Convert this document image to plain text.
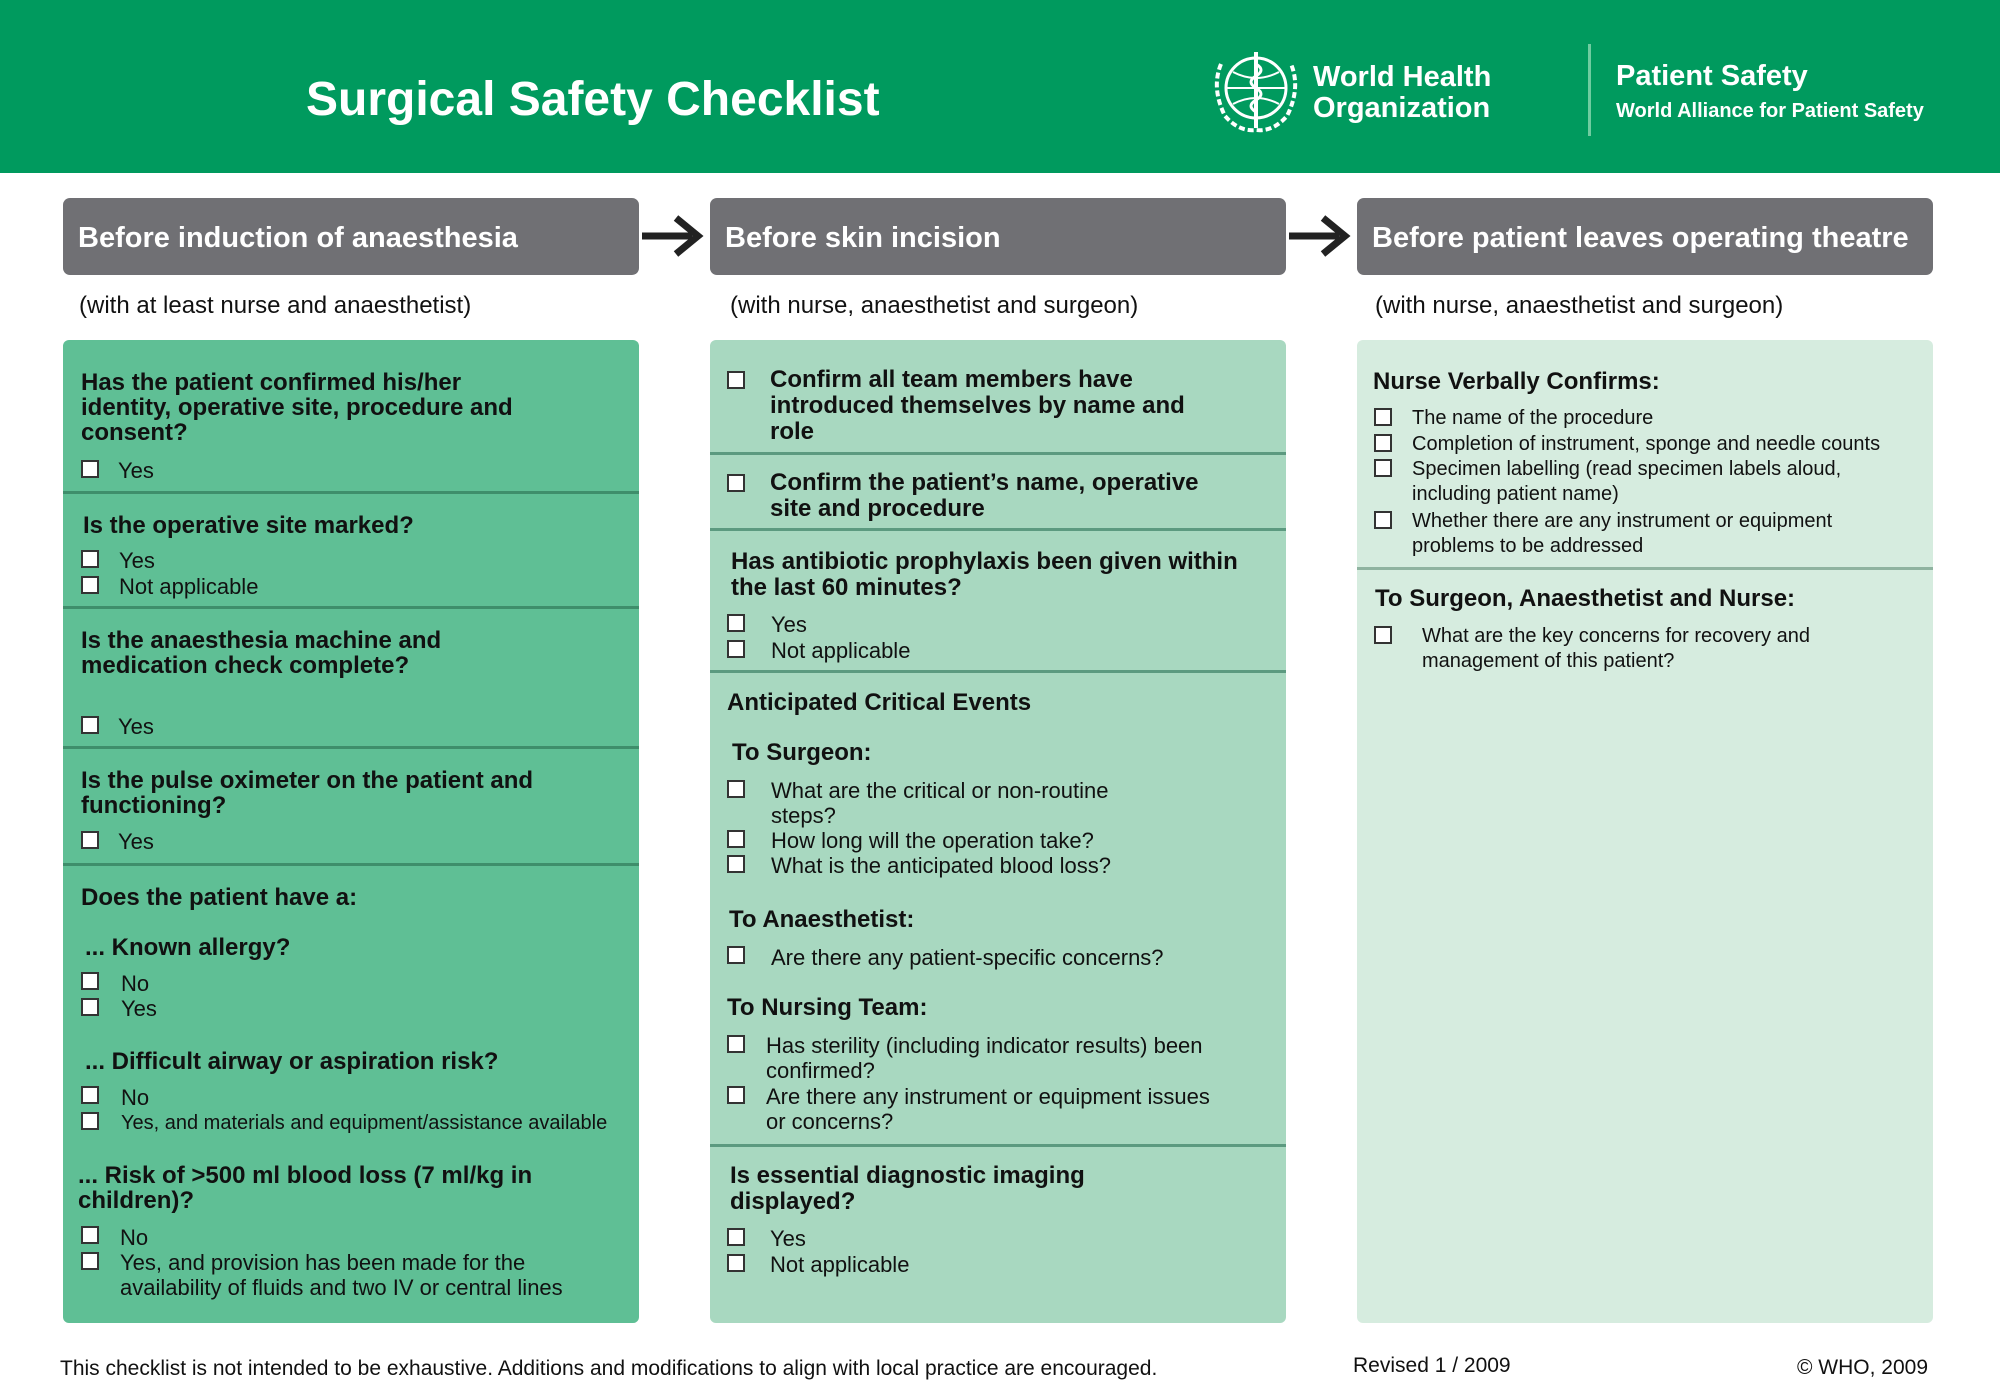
Surgical Safety Checklist	World Health
Organization
Patient Safety
World Alliance for Patient Safety
Before induction of anaesthesia	Before skin incision	Before patient leaves operating theatre
(with at least nurse and anaesthetist)	(with nurse, anaesthetist and surgeon)	(with nurse, anaesthetist and surgeon)
Has the patient confirmed his/her
identity, operative site, procedure and
consent?
Yes
Is the operative site marked?
Yes
Not applicable
Is the anaesthesia machine and
medication check complete?
Yes
Is the pulse oximeter on the patient and
functioning?
Yes
Does the patient have a:
... Known allergy?
No
Yes
... Difficult airway or aspiration risk?
No
Yes, and materials and equipment/assistance available
... Risk of >500 ml blood loss (7 ml/kg in
children)?
No
Yes, and provision has been made for the
availability of fluids and two IV or central lines
Confirm all team members have
introduced themselves by name and
role
Confirm the patient’s name, operative
site and procedure
Has antibiotic prophylaxis been given within
the last 60 minutes?
Yes
Not applicable
Anticipated Critical Events
To Surgeon:
What are the critical or non-routine
steps?
How long will the operation take?
What is the anticipated blood loss?
To Anaesthetist:
Are there any patient-specific concerns?
To Nursing Team:
Has sterility (including indicator results) been
confirmed?
Are there any instrument or equipment issues
or concerns?
Is essential diagnostic imaging
displayed?
Yes
Not applicable
Nurse Verbally Confirms:
The name of the procedure
Completion of instrument, sponge and needle counts
Specimen labelling (read specimen labels aloud,
including patient name)
Whether there are any instrument or equipment
problems to be addressed
To Surgeon, Anaesthetist and Nurse:
What are the key concerns for recovery and
management of this patient?
This checklist is not intended to be exhaustive. Additions and modifications to align with local practice are encouraged.	Revised 1 / 2009	© WHO, 2009
